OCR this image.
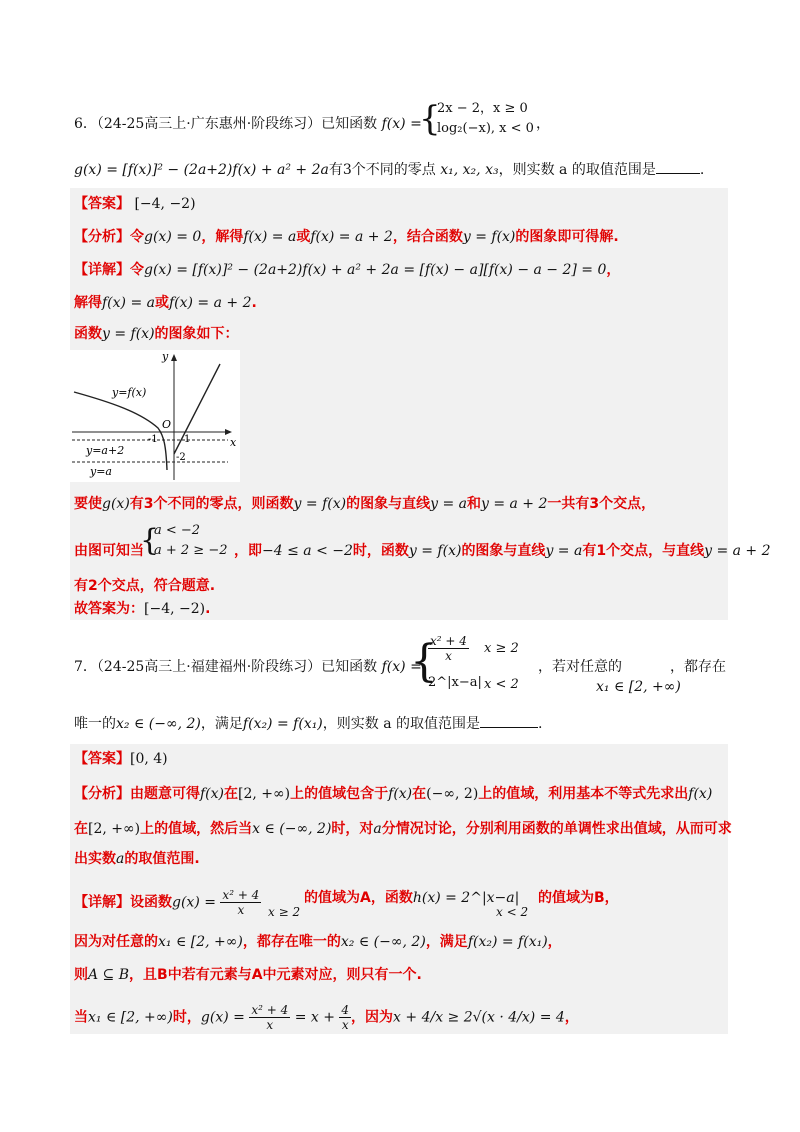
6．（24-25高三上·广东惠州·阶段练习）已知函数 f(x) =
{
2x − 2，x ≥ 0
log₂(−x), x < 0 ，
g(x) = [f(x)]² − (2a+2)f(x) + a² + 2a有3个不同的零点 x₁, x₂, x₃，则实数 a 的取值范围是	.
【答案】 [−4, −2)
【分析】令g(x) = 0，解得f(x) = a或f(x) = a + 2，结合函数y = f(x)的图象即可得解.
【详解】令g(x) = [f(x)]² − (2a+2)f(x) + a² + 2a = [f(x) − a][f(x) − a − 2] = 0，
解得f(x) = a或f(x) = a + 2.
函数y = f(x)的图象如下：
y
x
y=f(x)
O
-1	1
-2
y=a+2
y=a
要使g(x)有3个不同的零点，则函数y = f(x)的图象与直线y = a和y = a + 2一共有3个交点，
由图可知当
{
a < −2
a + 2 ≥ −2 ，即−4 ≤ a < −2时，函数y = f(x)的图象与直线y = a有1个交点，与直线y = a + 2
有2个交点，符合题意.
故答案为：[−4, −2).
7．（24-25高三上·福建福州·阶段练习）已知函数 f(x) =
{
$\frac{\text{x² + 4}}{x}$ x ≥ 2
2^|x−a| x < 2
，若对任意的
x₁ ∈ [2, +∞)
，都存在
唯一的x₂ ∈ (−∞, 2)，满足f(x₂) = f(x₁)，则实数 a 的取值范围是	.
【答案】[0, 4)
【分析】由题意可得f(x)在[2, +∞)上的值域包含于f(x)在(−∞, 2)上的值域，利用基本不等式先求出f(x)
在[2, +∞)上的值域，然后当x ∈ (−∞, 2)时，对a分情况讨论，分别利用函数的单调性求出值域，从而可求
出实数a的取值范围.
【详解】设函数$g(x) = \frac{\text{x² + 4}}{x}$ x ≥ 2
的值域为A，函数h(x) = 2^|x−a|
x < 2
的值域为B，
因为对任意的x₁ ∈ [2, +∞)，都存在唯一的x₂ ∈ (−∞, 2)，满足f(x₂) = f(x₁)，
则A ⊆ B，且B中若有元素与A中元素对应，则只有一个.
当x₁ ∈ [2, +∞)时，$g(x) = \frac{\text{x² + 4}}{x} = x + \frac{4}{x}$ ，因为x + 4/x ≥ 2√(x · 4/x) = 4，
